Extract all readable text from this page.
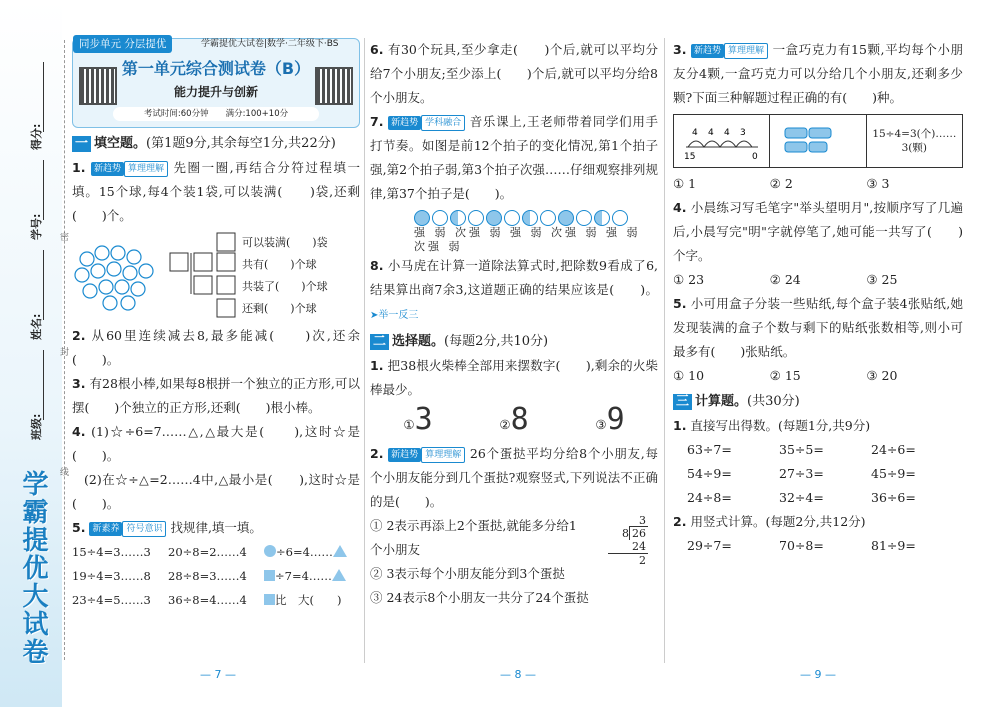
得分:
学号:
姓名:
班级:
学霸提优大试卷
密
封
线
同步单元 分层提优	学霸提优大试卷|数学·二年级下·BS
第一单元综合测试卷（B）
能力提升与创新
考试时间:60分钟　　满分:100+10分
一 填空题。(第1题9分,其余每空1分,共22分)

1. 新趋势 算理理解 先圈一圈,再结合分符过程填一填。15个球,每4个装1袋,可以装满(　　)袋,还剩(　　)个。

可以装满(　　)袋
共有(　　)个球
共装了(　　)个球
还剩(　　)个球

2. 从60里连续减去8,最多能减(　　)次,还余(　　)。

3. 有28根小棒,如果每8根拼一个独立的正方形,可以摆(　　)个独立的正方形,还剩(　　)根小棒。

4. (1)☆÷6=7……△,△最大是(　　),这时☆是(　　)。
(2)在☆÷△=2……4中,△最小是(　　),这时☆是(　　)。

5. 新素养 符号意识 找规律,填一填。

15÷4=3……3	20÷8=2……4	÷6=4……
19÷4=3……8	28÷8=3……4	÷7=4……
23÷4=5……3	36÷8=4……4	比　大(　　)
— 7 —

6. 有30个玩具,至少拿走(　　)个后,就可以平均分给7个小朋友;至少添上(　　)个后,就可以平均分给8个小朋友。

7. 新趋势 学科融合 音乐课上,王老师带着同学们用手打节奏。如图是前12个拍子的变化情况,第1个拍子强,第2个拍子弱,第3个拍子次强……仔细观察排列规律,第37个拍子是(　　)。

强 弱 次强 弱 强 弱 次强 弱 强 弱 次强 弱

8. 小马虎在计算一道除法算式时,把除数9看成了6,结果算出商7余3,这道题正确的结果应该是(　　)。 ➤举一反三

二 选择题。(每题2分,共10分)

1. 把38根火柴棒全部用来摆数字(　　),剩余的火柴棒最少。

①3	②8	③9

2. 新趋势 算理理解 26个蛋挞平均分给8个小朋友,每个小朋友能分到几个蛋挞?观察竖式,下列说法不正确的是(　　)。

① 2表示再添上2个蛋挞,就能多分给1个小朋友
② 3表示每个小朋友能分到3个蛋挞
③ 24表示8个小朋友一共分了24个蛋挞
3
8 26
24
2
— 8 —

3. 新趋势 算理理解 一盒巧克力有15颗,平均每个小朋友分4颗,一盒巧克力可以分给几个小朋友,还剩多少颗?下面三种解题过程正确的有(　　)种。

4 4 4 3
15	0
15÷4=3(个)……3(颗)
① 1	② 2	③ 3

4. 小晨练习写毛笔字"举头望明月",按顺序写了几遍后,小晨写完"明"字就停笔了,她可能一共写了(　　)个字。

① 23	② 24	③ 25

5. 小可用盒子分装一些贴纸,每个盒子装4张贴纸,她发现装满的盒子个数与剩下的贴纸张数相等,则小可最多有(　　)张贴纸。

① 10	② 15	③ 20
三 计算题。(共30分)

1. 直接写出得数。(每题1分,共9分)

63÷7=	35÷5=	24÷6=
54÷9=	27÷3=	45÷9=
24÷8=	32÷4=	36÷6=

2. 用竖式计算。(每题2分,共12分)

29÷7=	70÷8=	81÷9=
— 9 —
